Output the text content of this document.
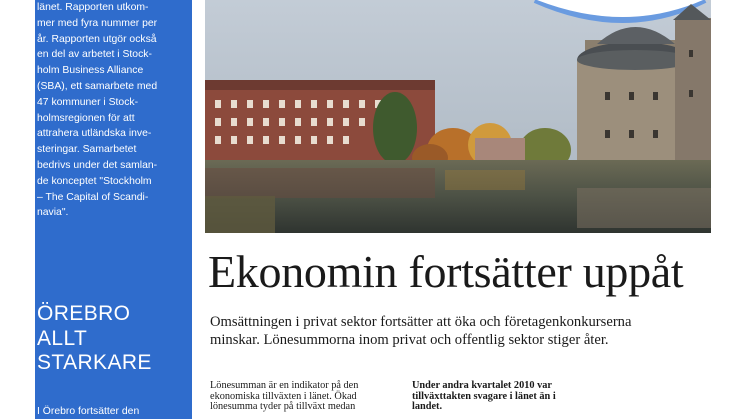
länet. Rapporten utkom-
mer med fyra nummer per
år. Rapporten utgör också
en del av arbetet i Stock-
holm Business Alliance
(SBA), ett samarbete med
47 kommuner i Stock-
holmsregionen för att
attrahera utländska inve-
steringar. Samarbetet
bedrivs under det samlan-
de konceptet "Stockholm
– The Capital of Scandi-
navia".

ÖREBRO
ALLT
STARKARE
I Örebro fortsätter den
Ekonomin fortsätter uppåt

Omsättningen i privat sektor fortsätter att öka och företagenkonkurserna
minskar. Lönesummorna inom privat och offentlig sektor stiger åter.

Lönesumman är en indikator på den
ekonomiska tillväxten i länet. Ökad
lönesumma tyder på tillväxt medan

Under andra kvartalet 2010 var
tillväxttakten svagare i länet än i
landet.
